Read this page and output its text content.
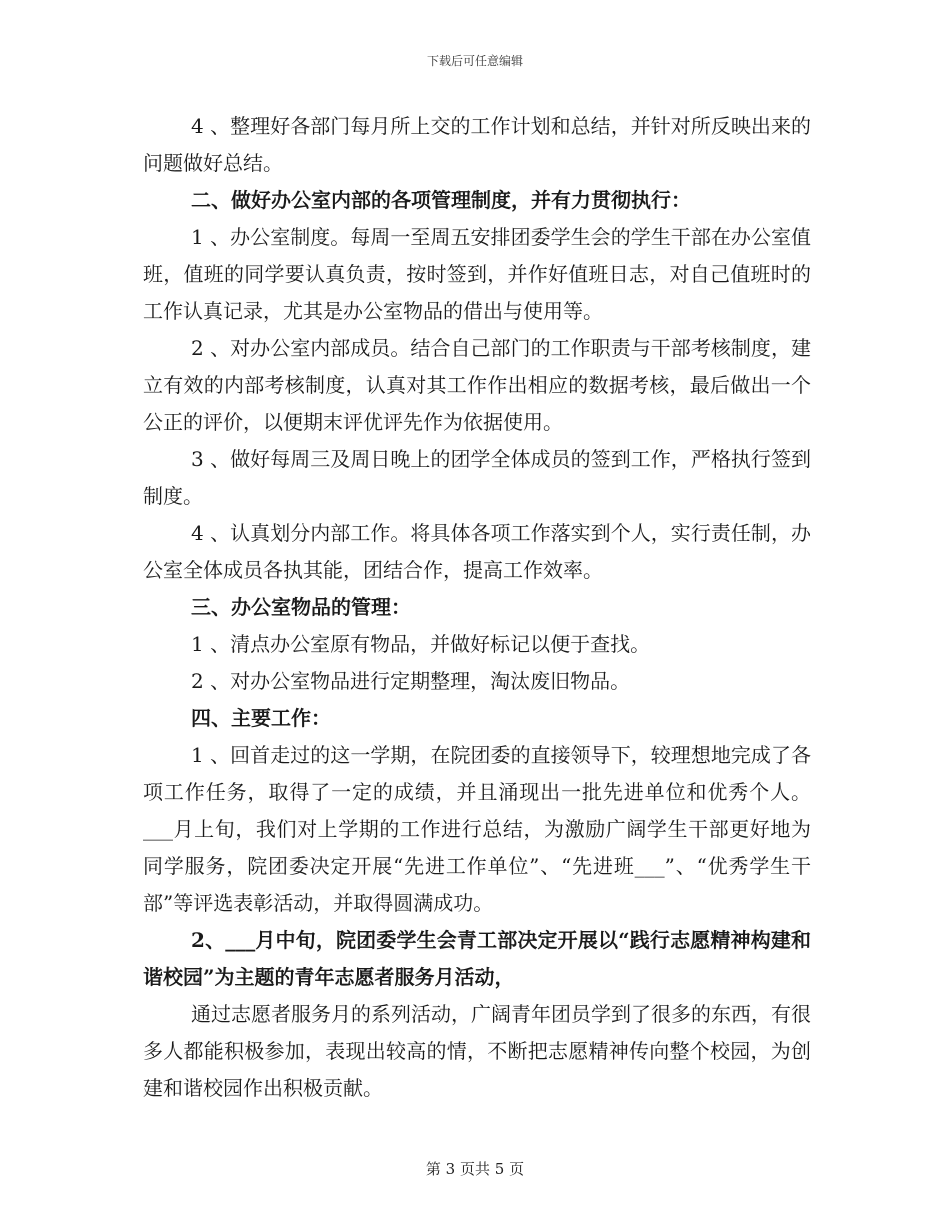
下载后可任意编辑

4 、整理好各部门每月所上交的工作计划和总结，并针对所反映出来的问题做好总结。

二、做好办公室内部的各项管理制度，并有力贯彻执行：

1 、办公室制度。每周一至周五安排团委学生会的学生干部在办公室值班，值班的同学要认真负责，按时签到，并作好值班日志，对自己值班时的工作认真记录，尤其是办公室物品的借出与使用等。

2 、对办公室内部成员。结合自己部门的工作职责与干部考核制度，建立有效的内部考核制度，认真对其工作作出相应的数据考核，最后做出一个公正的评价，以便期末评优评先作为依据使用。

3 、做好每周三及周日晚上的团学全体成员的签到工作，严格执行签到制度。

4 、认真划分内部工作。将具体各项工作落实到个人，实行责任制，办公室全体成员各执其能，团结合作，提高工作效率。

三、办公室物品的管理：

1 、清点办公室原有物品，并做好标记以便于查找。

2 、对办公室物品进行定期整理，淘汰废旧物品。

四、主要工作：

1 、回首走过的这一学期，在院团委的直接领导下，较理想地完成了各项工作任务，取得了一定的成绩，并且涌现出一批先进单位和优秀个人。___月上旬，我们对上学期的工作进行总结，为激励广阔学生干部更好地为同学服务，院团委决定开展“先进工作单位”、“先进班___”、“优秀学生干部”等评选表彰活动，并取得圆满成功。

2、___月中旬，院团委学生会青工部决定开展以“践行志愿精神构建和谐校园”为主题的青年志愿者服务月活动，

通过志愿者服务月的系列活动，广阔青年团员学到了很多的东西，有很多人都能积极参加，表现出较高的情，不断把志愿精神传向整个校园，为创建和谐校园作出积极贡献。

第 3 页共 5 页
